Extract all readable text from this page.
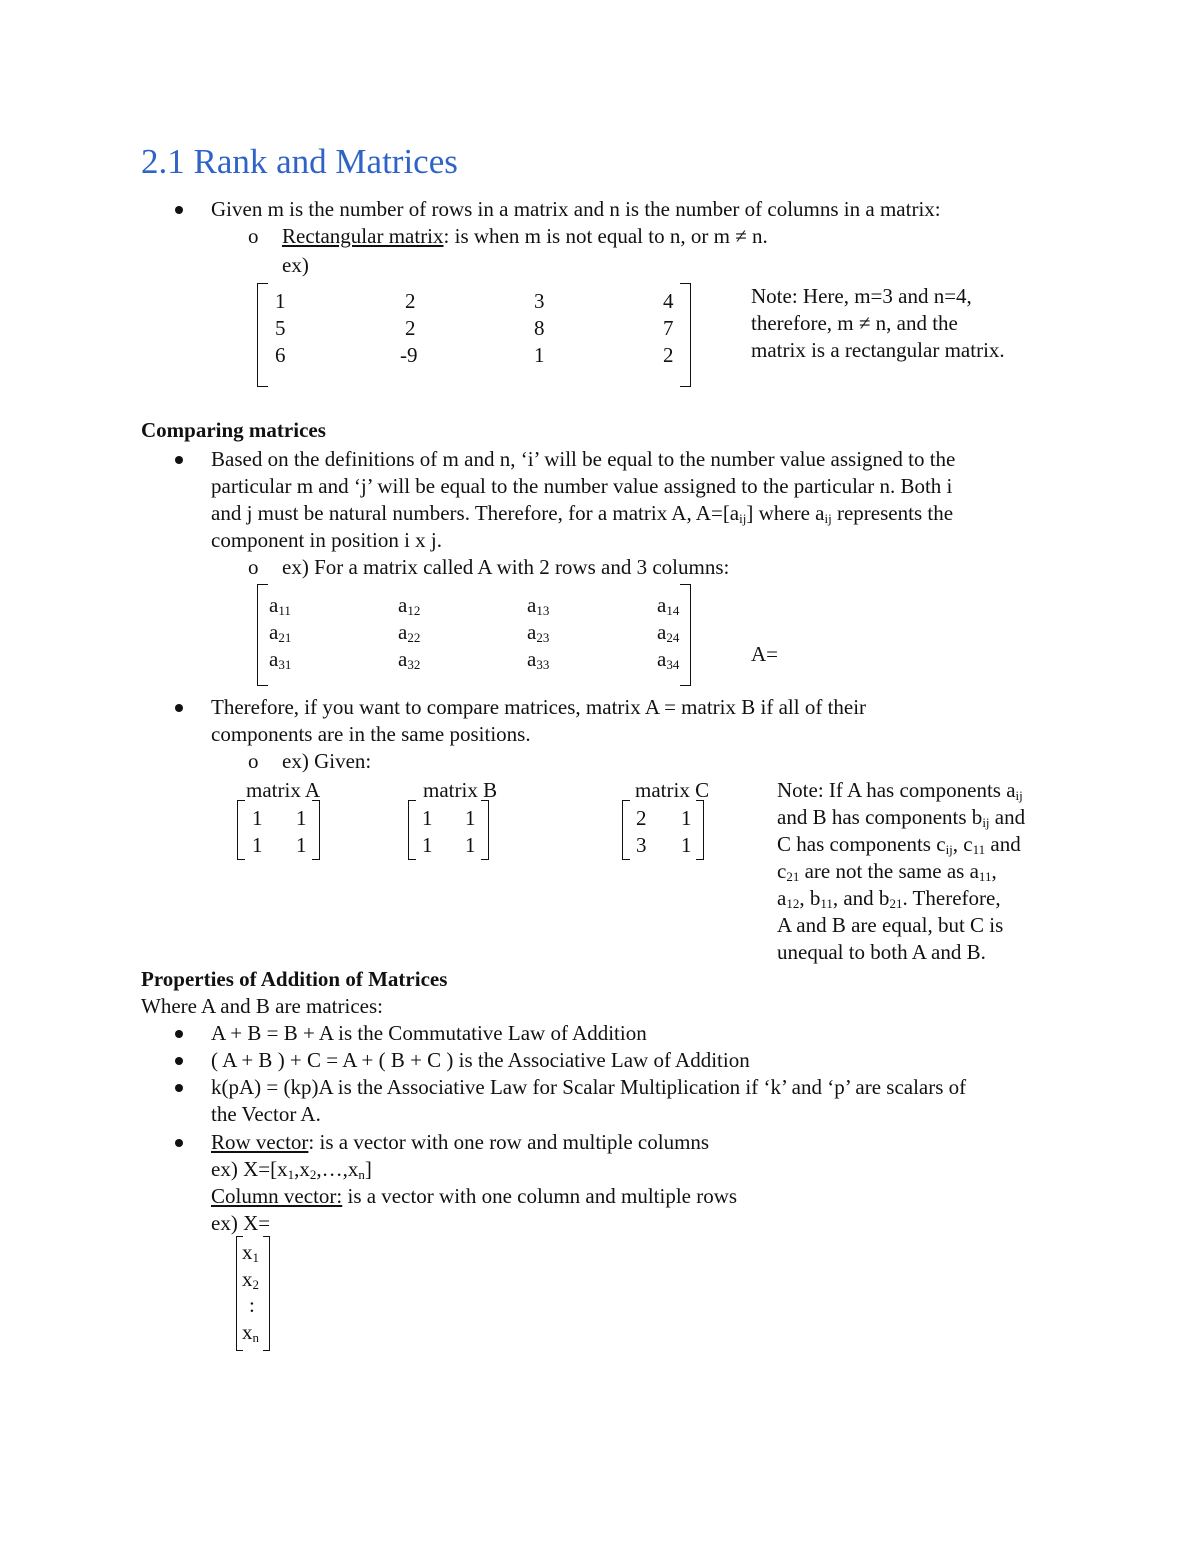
2.1 Rank and Matrices
Given m is the number of rows in a matrix and n is the number of columns in a matrix:
o Rectangular matrix: is when m is not equal to n, or m ≠ n.
ex)
1	2	3	4
5	2	8	7
6	-9	1	2
Note: Here, m=3 and n=4,
therefore, m ≠ n, and the
matrix is a rectangular matrix.
Comparing matrices
Based on the definitions of m and n, ‘i’ will be equal to the number value assigned to the
particular m and ‘j’ will be equal to the number value assigned to the particular n. Both i
and j must be natural numbers. Therefore, for a matrix A, $A=[a_{ij}]$ where $a_{ij}$ represents the
component in position i x j.
o ex) For a matrix called A with 2 rows and 3 columns:
$a_{11}$	$a_{12}$	$a_{13}$	$a_{14}$
$a_{21}$	$a_{22}$	$a_{23}$	$a_{24}$
$a_{31}$	$a_{32}$	$a_{33}$	$a_{34}$	A=
Therefore, if you want to compare matrices, matrix A = matrix B if all of their
components are in the same positions.
o ex) Given:
matrix A
1 1
1 1
matrix B
1 1
1 1
matrix C
2 1
3 1
Note: If A has components $a_{ij}$
and B has components $b_{ij}$ and
C has components $c_{ij}$, $c_{11}$ and
$c_{21}$ are not the same as $a_{11}$,
$a_{12}$, $b_{11}$, and $b_{21}$. Therefore,
A and B are equal, but C is
unequal to both A and B.
Properties of Addition of Matrices
Where A and B are matrices:
A + B = B + A is the Commutative Law of Addition
( A + B ) + C = A + ( B + C ) is the Associative Law of Addition
k(pA) = (kp)A is the Associative Law for Scalar Multiplication if ‘k’ and ‘p’ are scalars of
the Vector A.
Row vector: is a vector with one row and multiple columns
ex) $X=[x_1,x_2,\dots,x_n]$
Column vector: is a vector with one column and multiple rows
ex) X=
$x_1$
$x_2$
:
$x_n$
